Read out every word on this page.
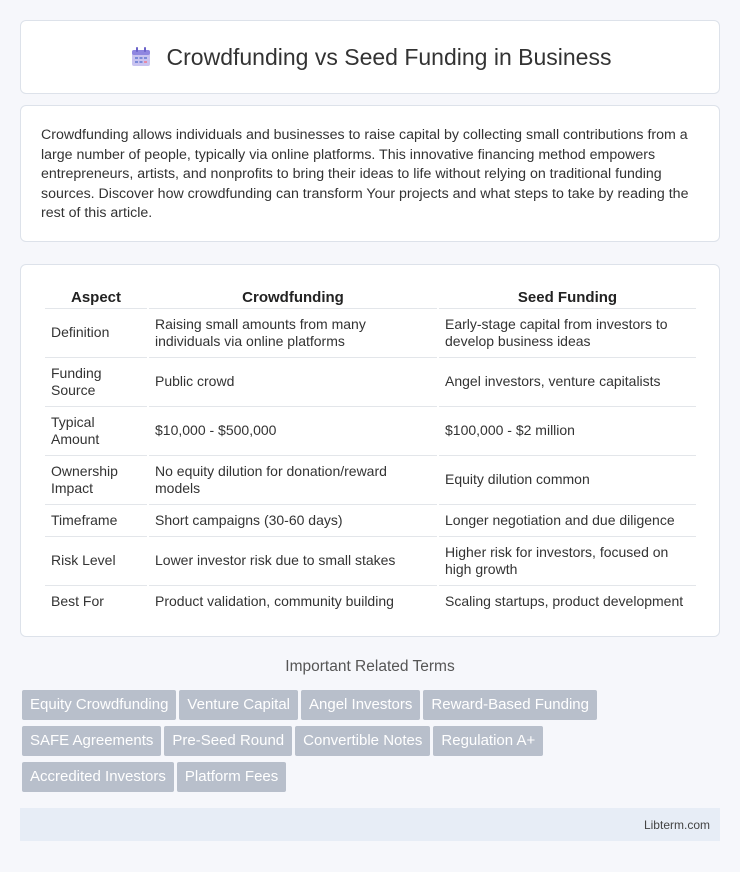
Crowdfunding vs Seed Funding in Business

Crowdfunding allows individuals and businesses to raise capital by collecting small contributions from a large number of people, typically via online platforms. This innovative financing method empowers entrepreneurs, artists, and nonprofits to bring their ideas to life without relying on traditional funding sources. Discover how crowdfunding can transform Your projects and what steps to take by reading the rest of this article.

Aspect	Crowdfunding	Seed Funding
Definition	Raising small amounts from many individuals via online platforms	Early-stage capital from investors to develop business ideas
Funding Source	Public crowd	Angel investors, venture capitalists
Typical Amount	$10,000 - $500,000	$100,000 - $2 million
Ownership Impact	No equity dilution for donation/reward models	Equity dilution common
Timeframe	Short campaigns (30-60 days)	Longer negotiation and due diligence
Risk Level	Lower investor risk due to small stakes	Higher risk for investors, focused on high growth
Best For	Product validation, community building	Scaling startups, product development
Important Related Terms
Equity Crowdfunding Venture Capital Angel Investors Reward-Based Funding
SAFE Agreements Pre-Seed Round Convertible Notes Regulation A+
Accredited Investors Platform Fees
Libterm.com
